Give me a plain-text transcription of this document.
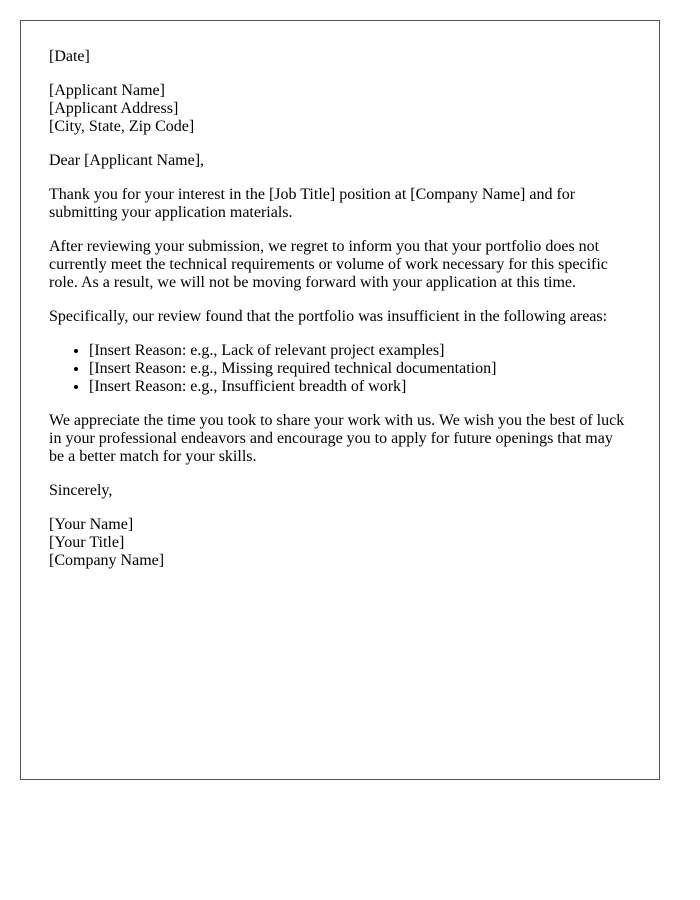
[Date]
[Applicant Name]
[Applicant Address]
[City, State, Zip Code]
Dear [Applicant Name],

Thank you for your interest in the [Job Title] position at [Company Name] and for submitting your application materials.

After reviewing your submission, we regret to inform you that your portfolio does not currently meet the technical requirements or volume of work necessary for this specific role. As a result, we will not be moving forward with your application at this time.

Specifically, our review found that the portfolio was insufficient in the following areas:

• [Insert Reason: e.g., Lack of relevant project examples]
• [Insert Reason: e.g., Missing required technical documentation]
• [Insert Reason: e.g., Insufficient breadth of work]

We appreciate the time you took to share your work with us. We wish you the best of luck in your professional endeavors and encourage you to apply for future openings that may be a better match for your skills.

Sincerely,
[Your Name]
[Your Title]
[Company Name]
